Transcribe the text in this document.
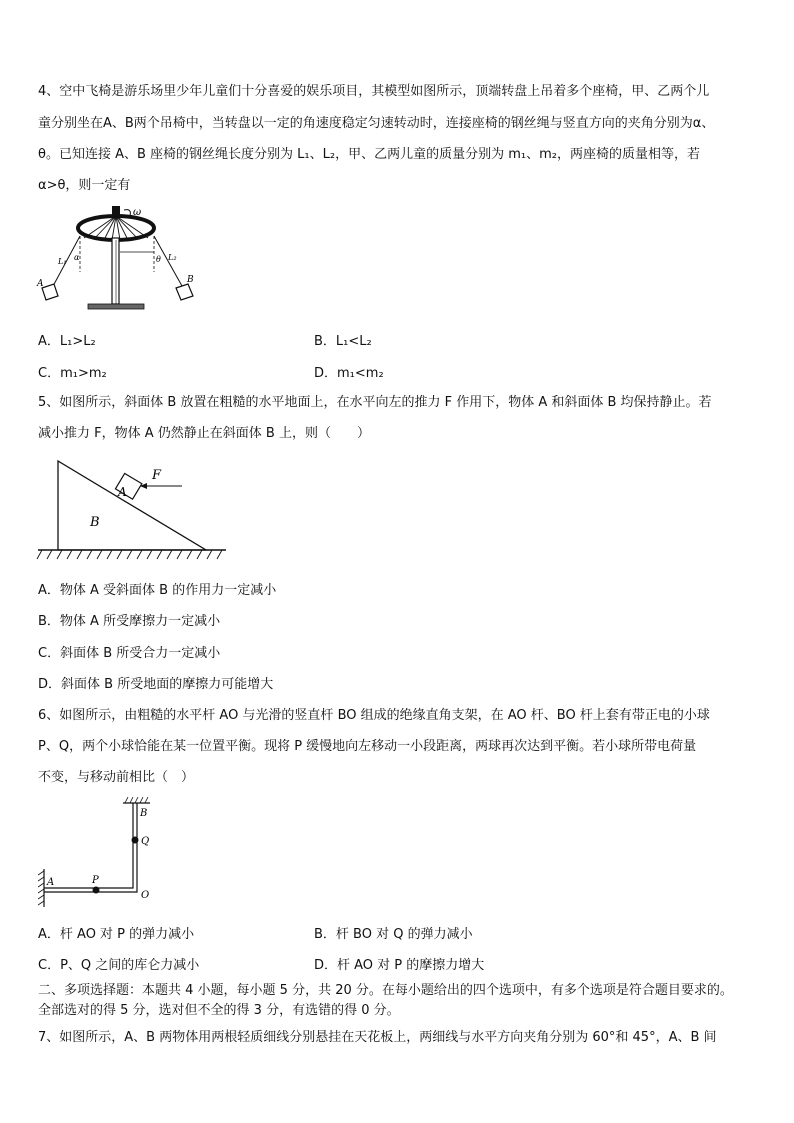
4、空中飞椅是游乐场里少年儿童们十分喜爱的娱乐项目，其模型如图所示，顶端转盘上吊着多个座椅，甲、乙两个儿
童分别坐在A、B两个吊椅中，当转盘以一定的角速度稳定匀速转动时，连接座椅的钢丝绳与竖直方向的夹角分别为α、
θ。已知连接 A、B 座椅的钢丝绳长度分别为 L₁、L₂，甲、乙两儿童的质量分别为 m₁、m₂，两座椅的质量相等，若
α>θ，则一定有
ω
L₁ α
A
θ L₂
B
A．L₁>L₂	B．L₁<L₂
C．m₁>m₂	D．m₁<m₂
5、如图所示，斜面体 B 放置在粗糙的水平地面上，在水平向左的推力 F 作用下，物体 A 和斜面体 B 均保持静止。若
减小推力 F，物体 A 仍然静止在斜面体 B 上，则（　　）
B
A
F
A．物体 A 受斜面体 B 的作用力一定减小
B．物体 A 所受摩擦力一定减小
C．斜面体 B 所受合力一定减小
D．斜面体 B 所受地面的摩擦力可能增大
6、如图所示，由粗糙的水平杆 AO 与光滑的竖直杆 BO 组成的绝缘直角支架，在 AO 杆、BO 杆上套有带正电的小球
P、Q，两个小球恰能在某一位置平衡。现将 P 缓慢地向左移动一小段距离，两球再次达到平衡。若小球所带电荷量
不变，与移动前相比（　）
B
Q
P
A
O
A．杆 AO 对 P 的弹力减小	B．杆 BO 对 Q 的弹力减小
C．P、Q 之间的库仑力减小	D．杆 AO 对 P 的摩擦力增大
二、多项选择题：本题共 4 小题，每小题 5 分，共 20 分。在每小题给出的四个选项中，有多个选项是符合题目要求的。
全部选对的得 5 分，选对但不全的得 3 分，有选错的得 0 分。
7、如图所示，A、B 两物体用两根轻质细线分别悬挂在天花板上，两细线与水平方向夹角分别为 60°和 45°，A、B 间
